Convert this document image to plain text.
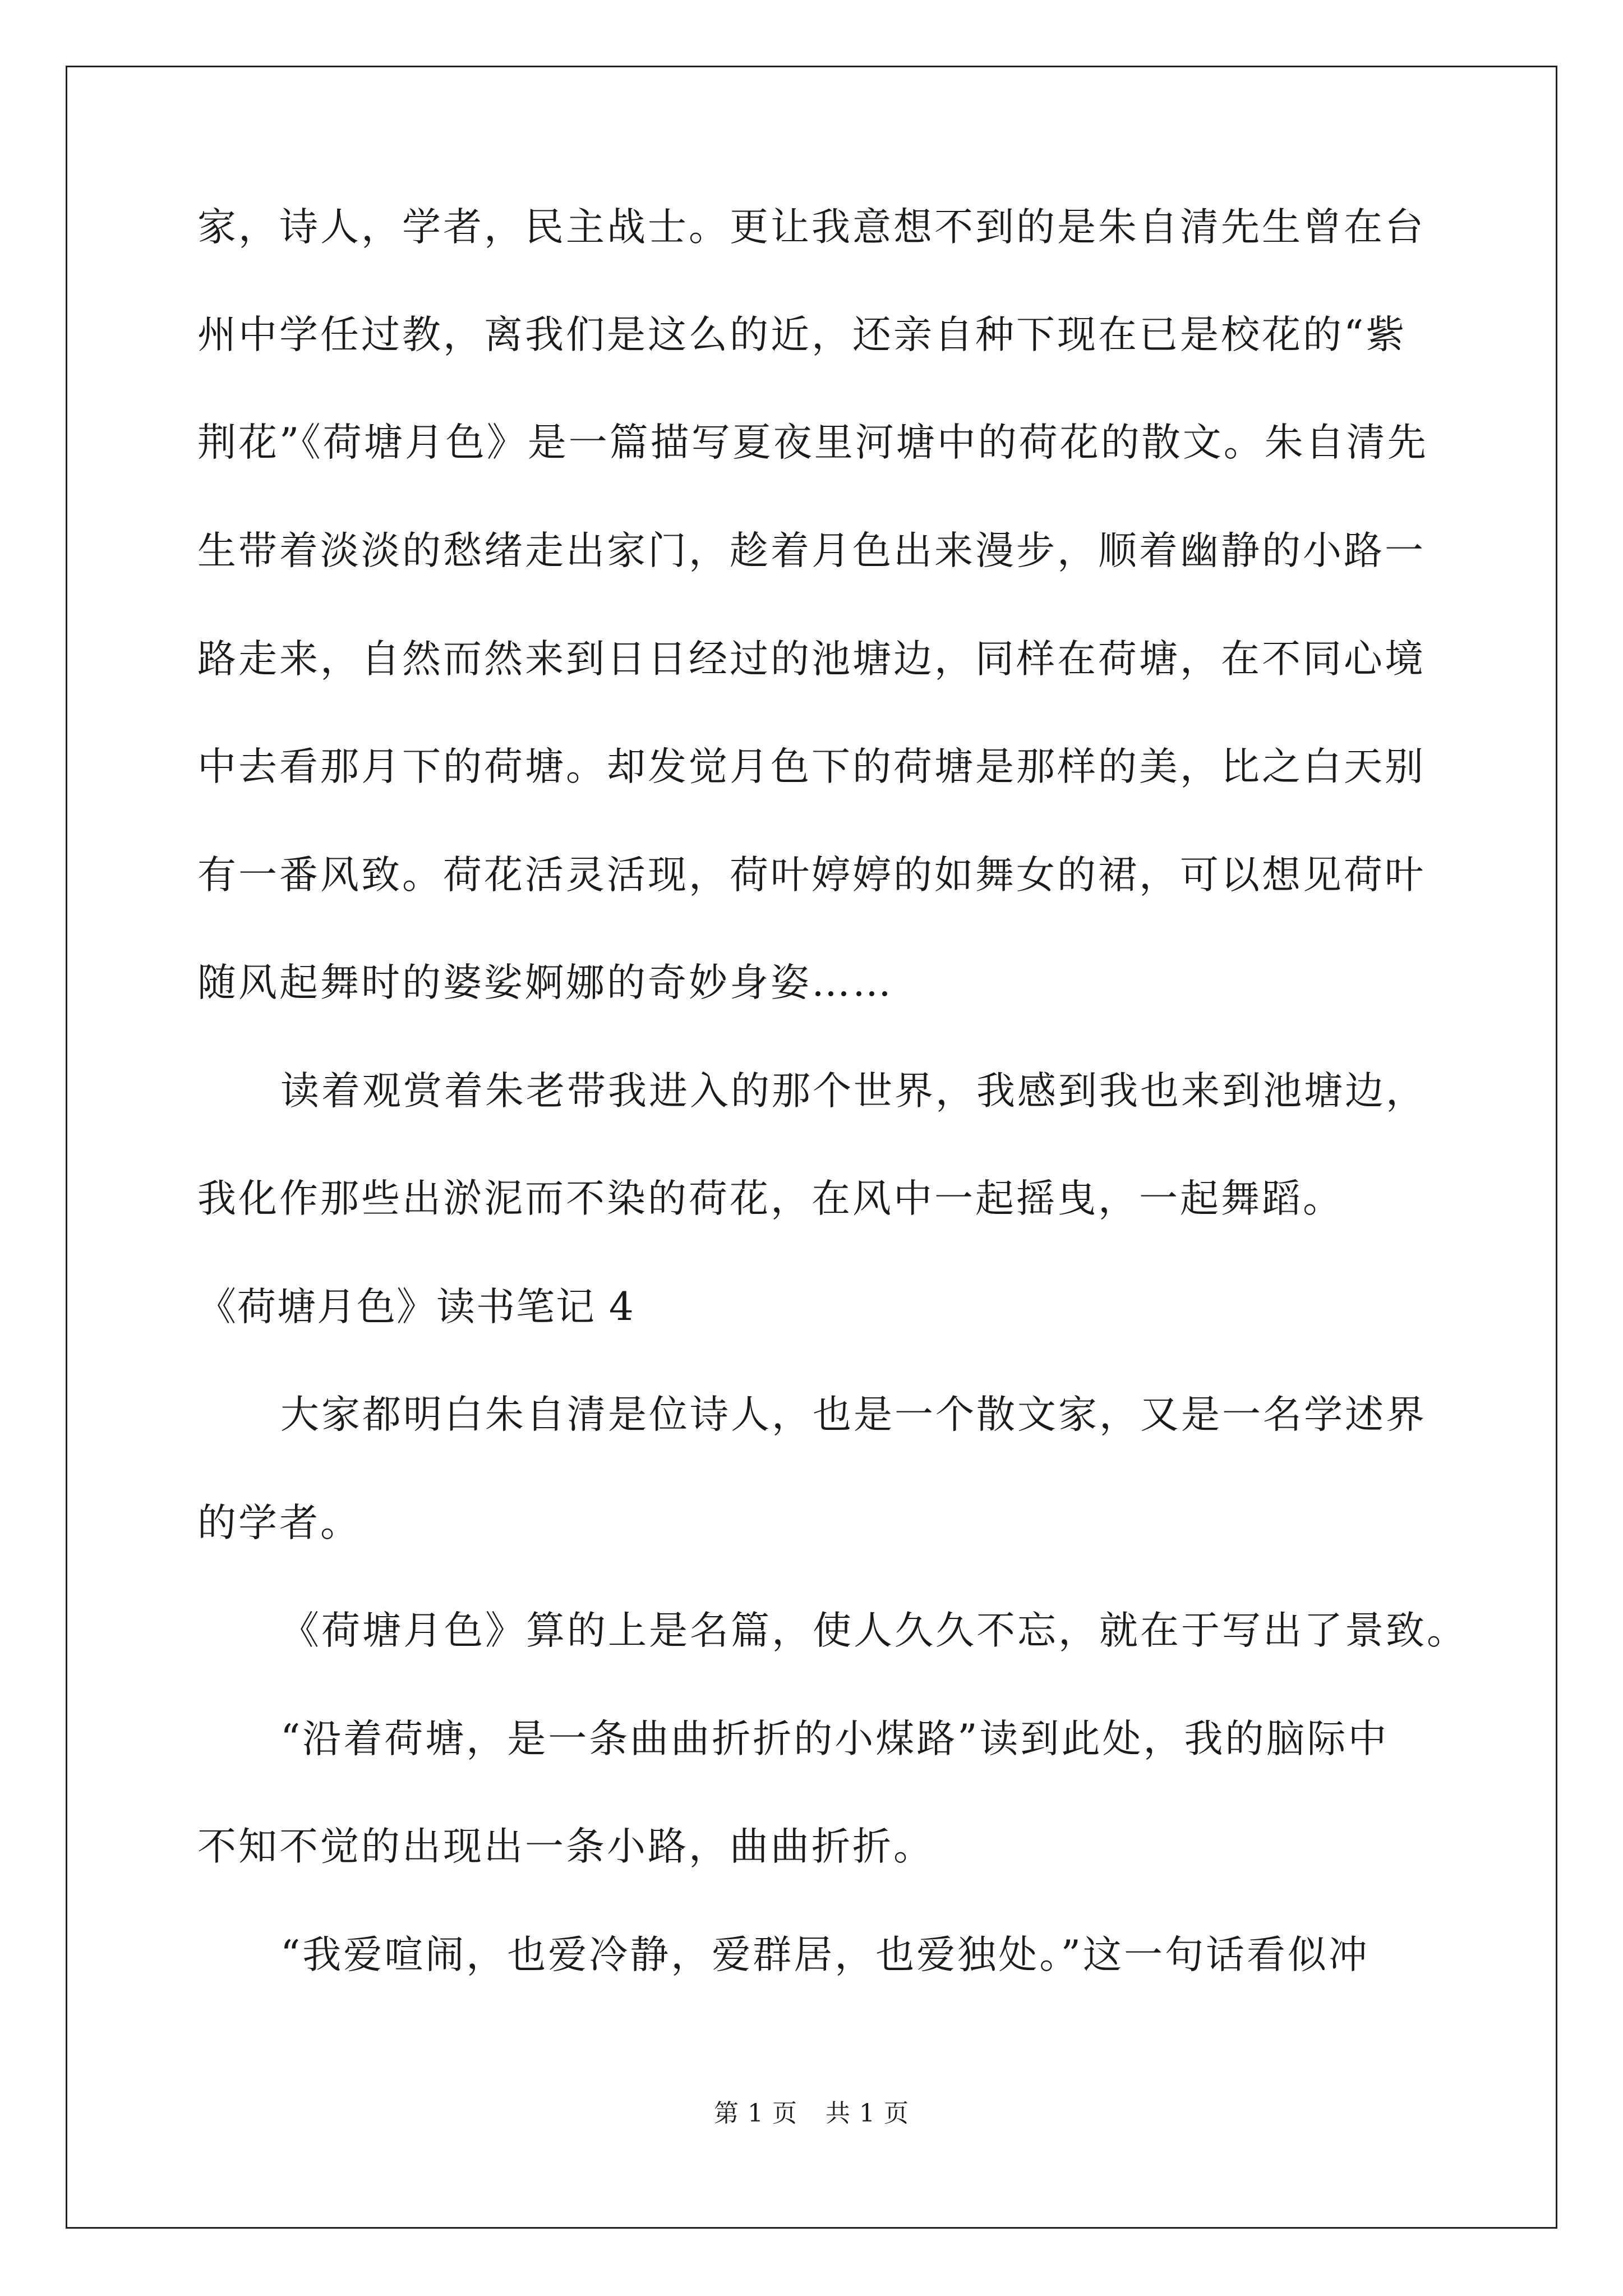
家，诗人，学者，民主战士。更让我意想不到的是朱自清先生曾在台
州中学任过教，离我们是这么的近，还亲自种下现在已是校花的“紫
荆花”《荷塘月色》是一篇描写夏夜里河塘中的荷花的散文。朱自清先
生带着淡淡的愁绪走出家门，趁着月色出来漫步，顺着幽静的小路一
路走来，自然而然来到日日经过的池塘边，同样在荷塘，在不同心境
中去看那月下的荷塘。却发觉月色下的荷塘是那样的美，比之白天别
有一番风致。荷花活灵活现，荷叶婷婷的如舞女的裙，可以想见荷叶
随风起舞时的婆娑婀娜的奇妙身姿……
读着观赏着朱老带我进入的那个世界，我感到我也来到池塘边，
我化作那些出淤泥而不染的荷花，在风中一起摇曳，一起舞蹈。
《荷塘月色》读书笔记 4
大家都明白朱自清是位诗人，也是一个散文家，又是一名学述界
的学者。
《荷塘月色》算的上是名篇，使人久久不忘，就在于写出了景致。
“沿着荷塘，是一条曲曲折折的小煤路”读到此处，我的脑际中
不知不觉的出现出一条小路，曲曲折折。
“我爱喧闹，也爱冷静，爱群居，也爱独处。”这一句话看似冲
第 1 页 共 1 页
